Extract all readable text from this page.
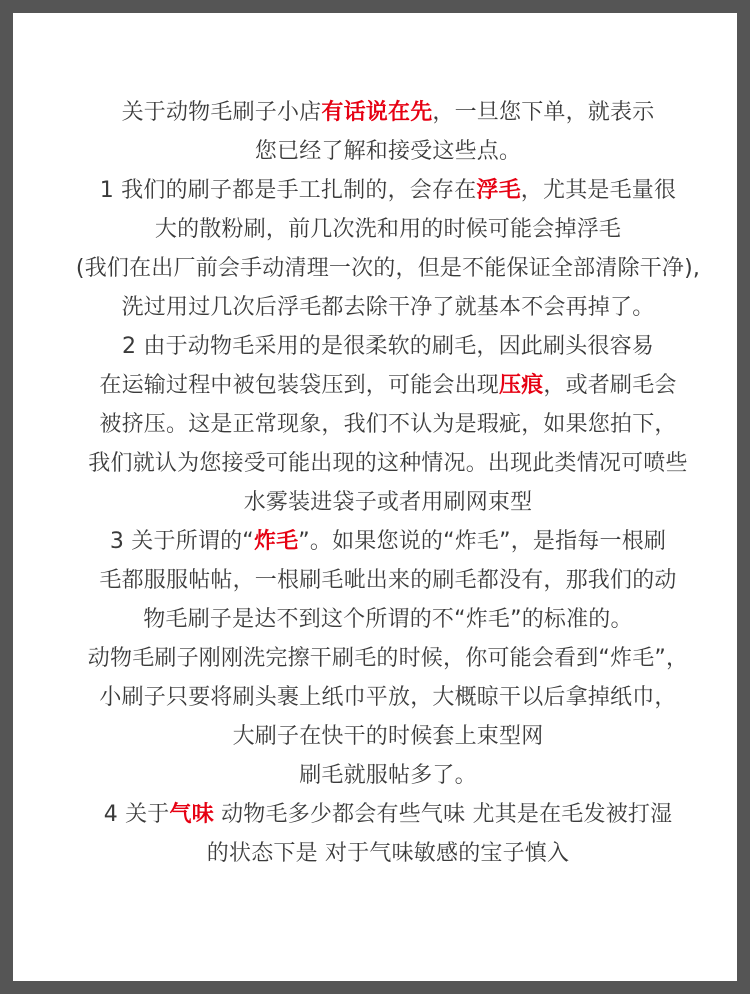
关于动物毛刷子小店有话说在先，一旦您下单，就表示
您已经了解和接受这些点。
1 我们的刷子都是手工扎制的，会存在浮毛，尤其是毛量很
大的散粉刷，前几次洗和用的时候可能会掉浮毛
(我们在出厂前会手动清理一次的，但是不能保证全部清除干净),
洗过用过几次后浮毛都去除干净了就基本不会再掉了。
2 由于动物毛采用的是很柔软的刷毛，因此刷头很容易
在运输过程中被包装袋压到，可能会出现压痕，或者刷毛会
被挤压。这是正常现象，我们不认为是瑕疵，如果您拍下，
我们就认为您接受可能出现的这种情况。出现此类情况可喷些
水雾装进袋子或者用刷网束型
3 关于所谓的“炸毛”。如果您说的“炸毛”，是指每一根刷
毛都服服帖帖，一根刷毛呲出来的刷毛都没有，那我们的动
物毛刷子是达不到这个所谓的不“炸毛”的标准的。
动物毛刷子刚刚洗完擦干刷毛的时候，你可能会看到“炸毛”，
小刷子只要将刷头裹上纸巾平放，大概晾干以后拿掉纸巾，
大刷子在快干的时候套上束型网
刷毛就服帖多了。
4 关于气味 动物毛多少都会有些气味 尤其是在毛发被打湿
的状态下是 对于气味敏感的宝子慎入
